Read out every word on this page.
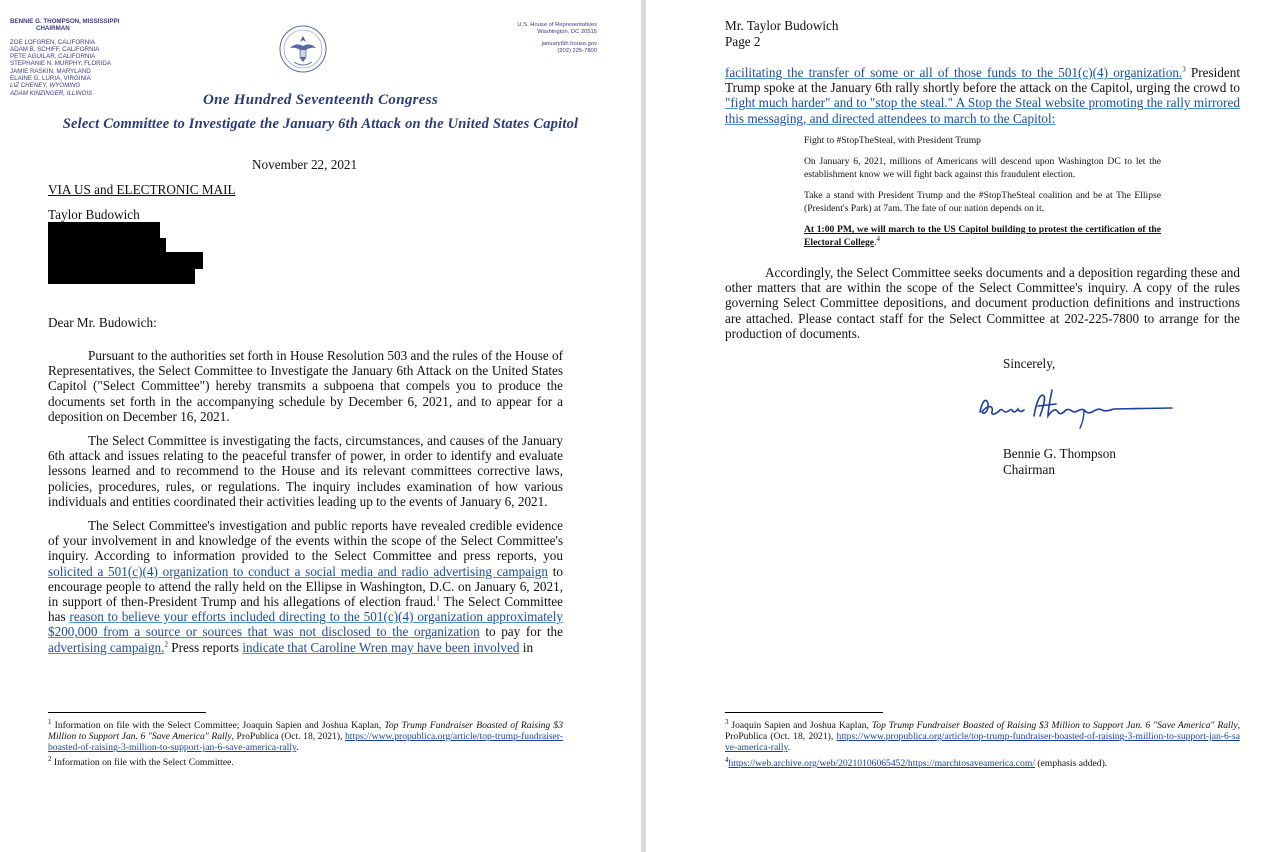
BENNIE G. THOMPSON, MISSISSIPPI
CHAIRMAN
ZOE LOFGREN, CALIFORNIA
ADAM B. SCHIFF, CALIFORNIA
PETE AGUILAR, CALIFORNIA
STEPHANIE N. MURPHY, FLORIDA
JAMIE RASKIN, MARYLAND
ELAINE G. LURIA, VIRGINIA
LIZ CHENEY, WYOMING
ADAM KINZINGER, ILLINOIS
U.S. House of Representatives
Washington, DC 20515
january6th.house.gov
(202) 225-7800
One Hundred Seventeenth Congress
Select Committee to Investigate the January 6th Attack on the United States Capitol
November 22, 2021
VIA US and ELECTRONIC MAIL
Taylor Budowich
Dear Mr. Budowich:
Pursuant to the authorities set forth in House Resolution 503 and the rules of the House of Representatives, the Select Committee to Investigate the January 6th Attack on the United States Capitol ("Select Committee") hereby transmits a subpoena that compels you to produce the documents set forth in the accompanying schedule by December 6, 2021, and to appear for a deposition on December 16, 2021.
The Select Committee is investigating the facts, circumstances, and causes of the January 6th attack and issues relating to the peaceful transfer of power, in order to identify and evaluate lessons learned and to recommend to the House and its relevant committees corrective laws, policies, procedures, rules, or regulations. The inquiry includes examination of how various individuals and entities coordinated their activities leading up to the events of January 6, 2021.
The Select Committee's investigation and public reports have revealed credible evidence of your involvement in and knowledge of the events within the scope of the Select Committee's inquiry. According to information provided to the Select Committee and press reports, you solicited a 501(c)(4) organization to conduct a social media and radio advertising campaign to encourage people to attend the rally held on the Ellipse in Washington, D.C. on January 6, 2021, in support of then-President Trump and his allegations of election fraud.$^1$ The Select Committee has reason to believe your efforts included directing to the 501(c)(4) organization approximately $200,000 from a source or sources that was not disclosed to the organization to pay for the advertising campaign.$^2$ Press reports indicate that Caroline Wren may have been involved in
$^1$ Information on file with the Select Committee; Joaquin Sapien and Joshua Kaplan, Top Trump Fundraiser Boasted of Raising $3 Million to Support Jan. 6 "Save America" Rally, ProPublica (Oct. 18, 2021), https://www.propublica.org/article/top-trump-fundraiser-boasted-of-raising-3-million-to-support-jan-6-save-america-rally.
$^2$ Information on file with the Select Committee.
Mr. Taylor Budowich
Page 2
facilitating the transfer of some or all of those funds to the 501(c)(4) organization.$^3$ President Trump spoke at the January 6th rally shortly before the attack on the Capitol, urging the crowd to "fight much harder" and to "stop the steal." A Stop the Steal website promoting the rally mirrored this messaging, and directed attendees to march to the Capitol:
Fight to #StopTheSteal, with President Trump
On January 6, 2021, millions of Americans will descend upon Washington DC to let the establishment know we will fight back against this fraudulent election.
Take a stand with President Trump and the #StopTheSteal coalition and be at The Ellipse (President's Park) at 7am. The fate of our nation depends on it.
At 1:00 PM, we will march to the US Capitol building to protest the certification of the Electoral College.$^4$
Accordingly, the Select Committee seeks documents and a deposition regarding these and other matters that are within the scope of the Select Committee's inquiry. A copy of the rules governing Select Committee depositions, and document production definitions and instructions are attached. Please contact staff for the Select Committee at 202-225-7800 to arrange for the production of documents.
Sincerely,
Bennie G. Thompson
Chairman
$^3$ Joaquin Sapien and Joshua Kaplan, Top Trump Fundraiser Boasted of Raising $3 Million to Support Jan. 6 "Save America" Rally, ProPublica (Oct. 18, 2021), https://www.propublica.org/article/top-trump-fundraiser-boasted-of-raising-3-million-to-support-jan-6-save-america-rally.
$^4$https://web.archive.org/web/20210106065452/https://marchtosaveamerica.com/ (emphasis added).
